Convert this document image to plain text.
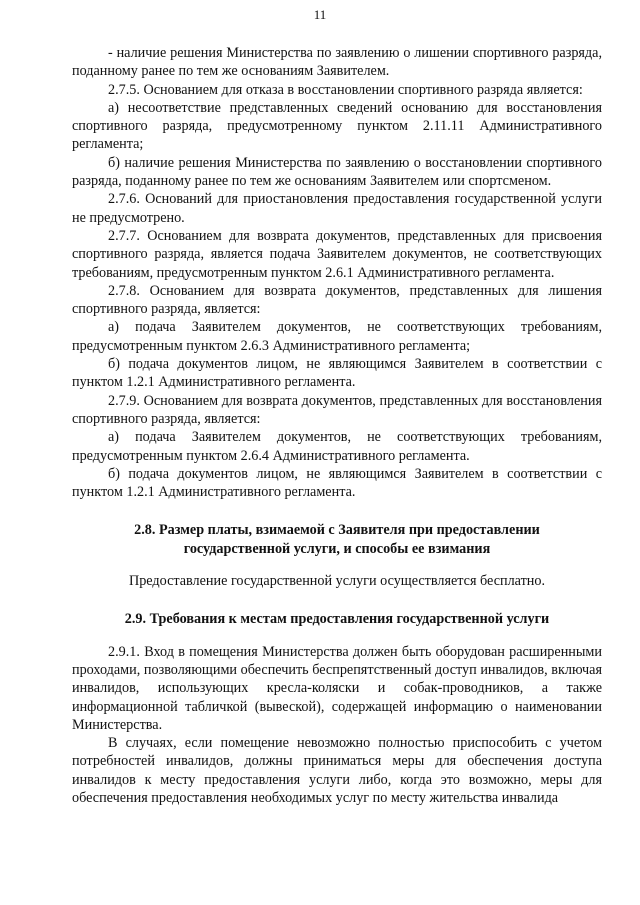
11

- наличие решения Министерства по заявлению о лишении спортивного разряда, поданному ранее по тем же основаниям Заявителем.

2.7.5. Основанием для отказа в восстановлении спортивного разряда является:

а) несоответствие представленных сведений основанию для восстановления спортивного разряда, предусмотренному пунктом 2.11.11 Административного регламента;

б) наличие решения Министерства по заявлению о восстановлении спортивного разряда, поданному ранее по тем же основаниям Заявителем или спортсменом.

2.7.6. Оснований для приостановления предоставления государственной услуги не предусмотрено.

2.7.7. Основанием для возврата документов, представленных для присвоения спортивного разряда, является подача Заявителем документов, не соответствующих требованиям, предусмотренным пунктом 2.6.1 Административного регламента.

2.7.8. Основанием для возврата документов, представленных для лишения спортивного разряда, является:

а) подача Заявителем документов, не соответствующих требованиям, предусмотренным пунктом 2.6.3 Административного регламента;

б) подача документов лицом, не являющимся Заявителем в соответствии с пунктом 1.2.1 Административного регламента.

2.7.9. Основанием для возврата документов, представленных для восстановления спортивного разряда, является:

а) подача Заявителем документов, не соответствующих требованиям, предусмотренным пунктом 2.6.4 Административного регламента.

б) подача документов лицом, не являющимся Заявителем в соответствии с пунктом 1.2.1 Административного регламента.

2.8. Размер платы, взимаемой с Заявителя при предоставлении
государственной услуги, и способы ее взимания

Предоставление государственной услуги осуществляется бесплатно.

2.9. Требования к местам предоставления государственной услуги

2.9.1. Вход в помещения Министерства должен быть оборудован расширенными проходами, позволяющими обеспечить беспрепятственный доступ инвалидов, включая инвалидов, использующих кресла-коляски и собак-проводников, а также информационной табличкой (вывеской), содержащей информацию о наименовании Министерства.

В случаях, если помещение невозможно полностью приспособить с учетом потребностей инвалидов, должны приниматься меры для обеспечения доступа инвалидов к месту предоставления услуги либо, когда это возможно, меры для обеспечения предоставления необходимых услуг по месту жительства инвалида
